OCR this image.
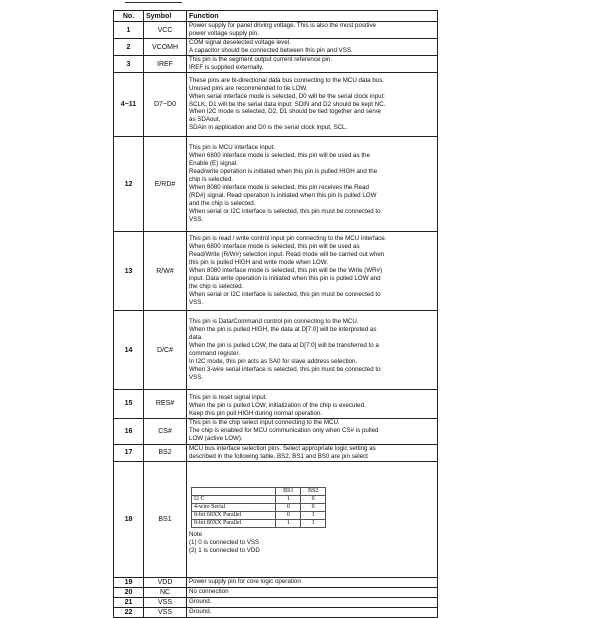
No.	Symbol	Function
1	VCC	
Power supply for panel driving voltage. This is also the most positive
power voltage supply pin.

2	VCOMH	
COM signal deselected voltage level.
A capacitor should be connected between this pin and VSS.

3	IREF	
This pin is the segment output current reference pin.
IREF is supplied externally.

4~11	D7~D0	
These pins are bi-directional data bus connecting to the MCU data bus.
Unused pins are recommended to tie LOW.
When serial interface mode is selected, D0 will be the serial clock input:
SCLK; D1 will be the serial data input: SDIN and D2 should be kept NC.
When I2C mode is selected, D2, D1 should be tied together and serve
as SDAout,
SDAin in application and D0 is the serial clock input, SCL.

12	E/RD#	
This pin is MCU interface input.
When 6800 interface mode is selected, this pin will be used as the
Enable (E) signal.
Read/write operation is initiated when this pin is pulled HIGH and the
chip is selected.
When 8080 interface mode is selected, this pin receives the Read
(RD#) signal. Read operation is initiated when this pin is pulled LOW
and the chip is selected.
When serial or I2C interface is selected, this pin must be connected to
VSS.

13	R/W#	
This pin is read / write control input pin connecting to the MCU interface.
When 6800 interface mode is selected, this pin will be used as
Read/Write (R/W#) selection input. Read mode will be carried out when
this pin is pulled HIGH and write mode when LOW.
When 8080 interface mode is selected, this pin will be the Write (WR#)
input. Data write operation is initiated when this pin is pulled LOW and
the chip is selected.
When serial or I2C interface is selected, this pin must be connected to
VSS.

14	D/C#	
This pin is Data/Command control pin connecting to the MCU.
When the pin is pulled HIGH, the data at D[7:0] will be interpreted as
data.
When the pin is pulled LOW, the data at D[7:0] will be transferred to a
command register.
In I2C mode, this pin acts as SA0 for slave address selection.
When 3-wire serial interface is selected, this pin must be connected to
VSS.

15	RES#	
This pin is reset signal input.
When the pin is pulled LOW, initialization of the chip is executed.
Keep this pin pull HIGH during normal operation.

16	CS#	
This pin is the chip select input connecting to the MCU.
The chip is enabled for MCU communication only when CS# is pulled
LOW (active LOW).

17	BS2	
MCU bus interface selection pins. Select appropriate logic setting as
described in the following table. BS2, BS1 and BS0 are pin select

18	BS1	
	BS1	BS2
I2 C	1	0
4-wire Serial	0	0
8-bit 68XX Parallel	0	1
8-bit 80XX Parallel	1	1
Note
(1) 0 is connected to VSS
(2) 1 is connected to VDD

19	VDD	Power supply pin for core logic operation

20	NC	No connection

21	VSS	Ground.

22	VSS	Ground.
